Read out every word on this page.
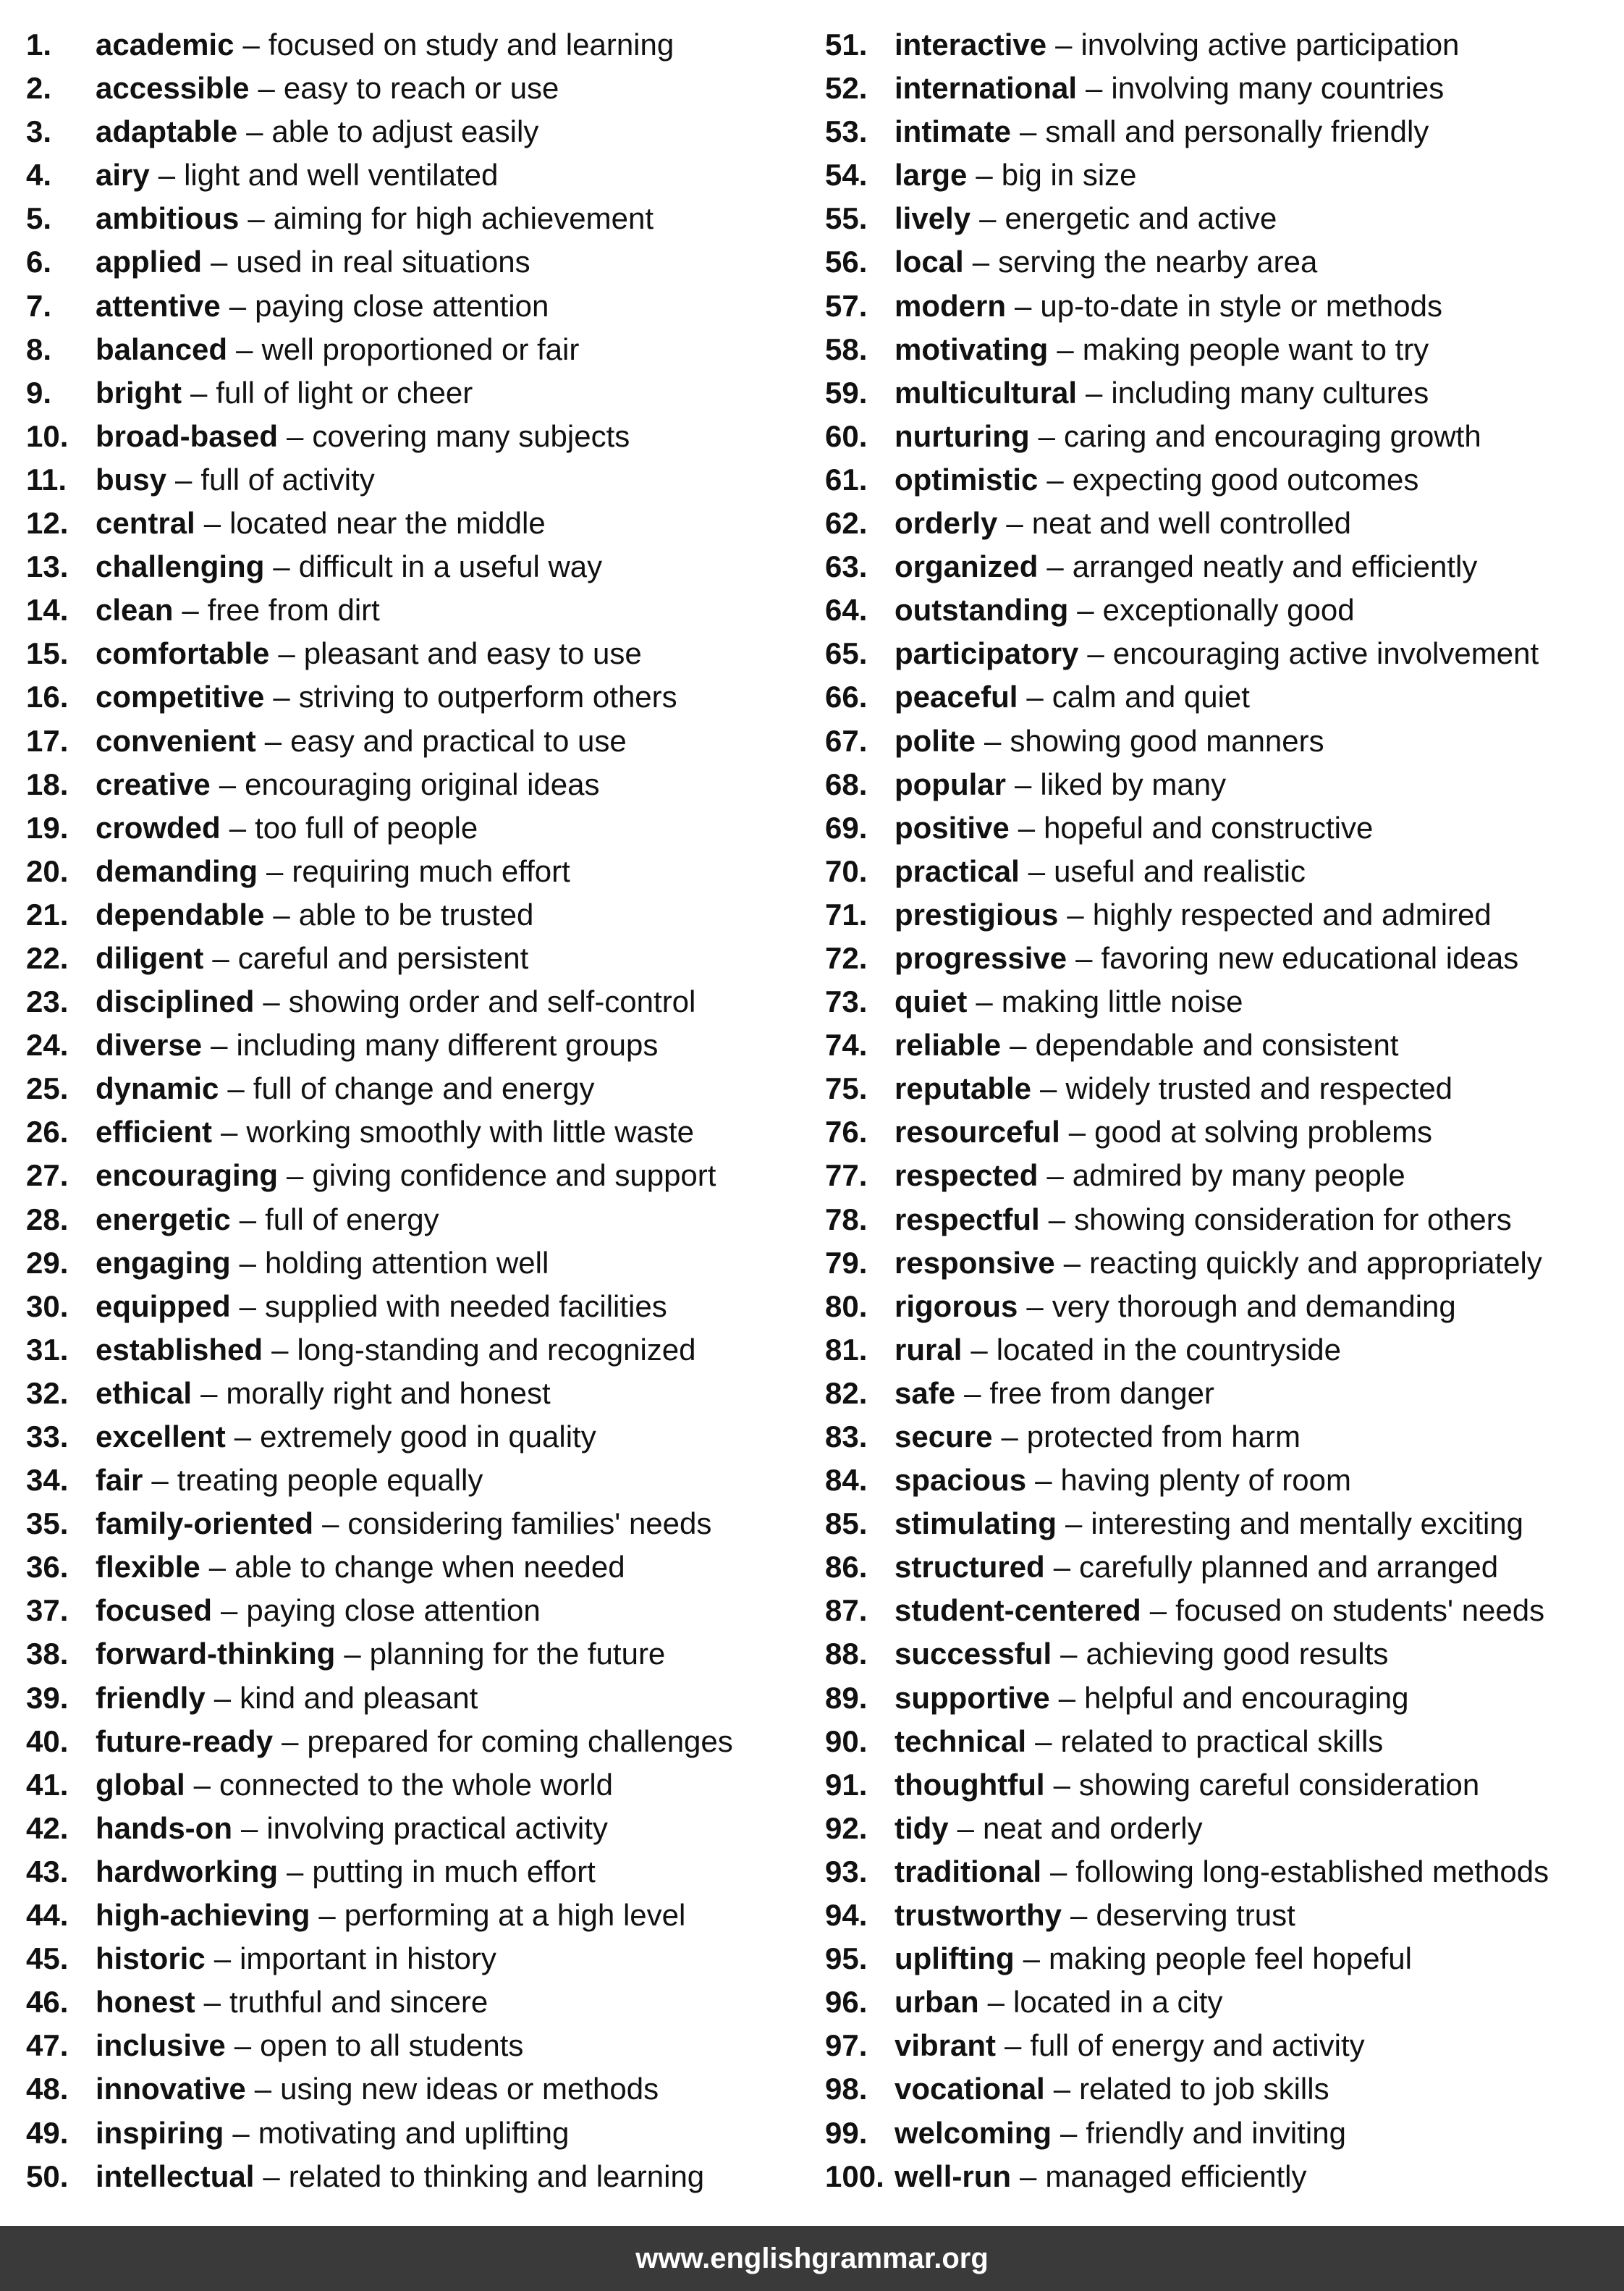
1.	academic – focused on study and learning
2.	accessible – easy to reach or use
3.	adaptable – able to adjust easily
4.	airy – light and well ventilated
5.	ambitious – aiming for high achievement
6.	applied – used in real situations
7.	attentive – paying close attention
8.	balanced – well proportioned or fair
9.	bright – full of light or cheer
10. broad-based – covering many subjects
11. busy – full of activity
12. central – located near the middle
13. challenging – difficult in a useful way
14. clean – free from dirt
15. comfortable – pleasant and easy to use
16. competitive – striving to outperform others
17. convenient – easy and practical to use
18. creative – encouraging original ideas
19. crowded – too full of people
20. demanding – requiring much effort
21. dependable – able to be trusted
22. diligent – careful and persistent
23. disciplined – showing order and self-control
24. diverse – including many different groups
25. dynamic – full of change and energy
26. efficient – working smoothly with little waste
27. encouraging – giving confidence and support
28. energetic – full of energy
29. engaging – holding attention well
30. equipped – supplied with needed facilities
31. established – long-standing and recognized
32. ethical – morally right and honest
33. excellent – extremely good in quality
34. fair – treating people equally
35. family-oriented – considering families' needs
36. flexible – able to change when needed
37. focused – paying close attention
38. forward-thinking – planning for the future
39. friendly – kind and pleasant
40. future-ready – prepared for coming challenges
41. global – connected to the whole world
42. hands-on – involving practical activity
43. hardworking – putting in much effort
44. high-achieving – performing at a high level
45. historic – important in history
46. honest – truthful and sincere
47. inclusive – open to all students
48. innovative – using new ideas or methods
49. inspiring – motivating and uplifting
50. intellectual – related to thinking and learning
51. interactive – involving active participation
52. international – involving many countries
53. intimate – small and personally friendly
54. large – big in size
55. lively – energetic and active
56. local – serving the nearby area
57. modern – up-to-date in style or methods
58. motivating – making people want to try
59. multicultural – including many cultures
60. nurturing – caring and encouraging growth
61. optimistic – expecting good outcomes
62. orderly – neat and well controlled
63. organized – arranged neatly and efficiently
64. outstanding – exceptionally good
65. participatory – encouraging active involvement
66. peaceful – calm and quiet
67. polite – showing good manners
68. popular – liked by many
69. positive – hopeful and constructive
70. practical – useful and realistic
71. prestigious – highly respected and admired
72. progressive – favoring new educational ideas
73. quiet – making little noise
74. reliable – dependable and consistent
75. reputable – widely trusted and respected
76. resourceful – good at solving problems
77. respected – admired by many people
78. respectful – showing consideration for others
79. responsive – reacting quickly and appropriately
80. rigorous – very thorough and demanding
81. rural – located in the countryside
82. safe – free from danger
83. secure – protected from harm
84. spacious – having plenty of room
85. stimulating – interesting and mentally exciting
86. structured – carefully planned and arranged
87. student-centered – focused on students' needs
88. successful – achieving good results
89. supportive – helpful and encouraging
90. technical – related to practical skills
91. thoughtful – showing careful consideration
92. tidy – neat and orderly
93. traditional – following long-established methods
94. trustworthy – deserving trust
95. uplifting – making people feel hopeful
96. urban – located in a city
97. vibrant – full of energy and activity
98. vocational – related to job skills
99. welcoming – friendly and inviting
100. well-run – managed efficiently
www.englishgrammar.org
